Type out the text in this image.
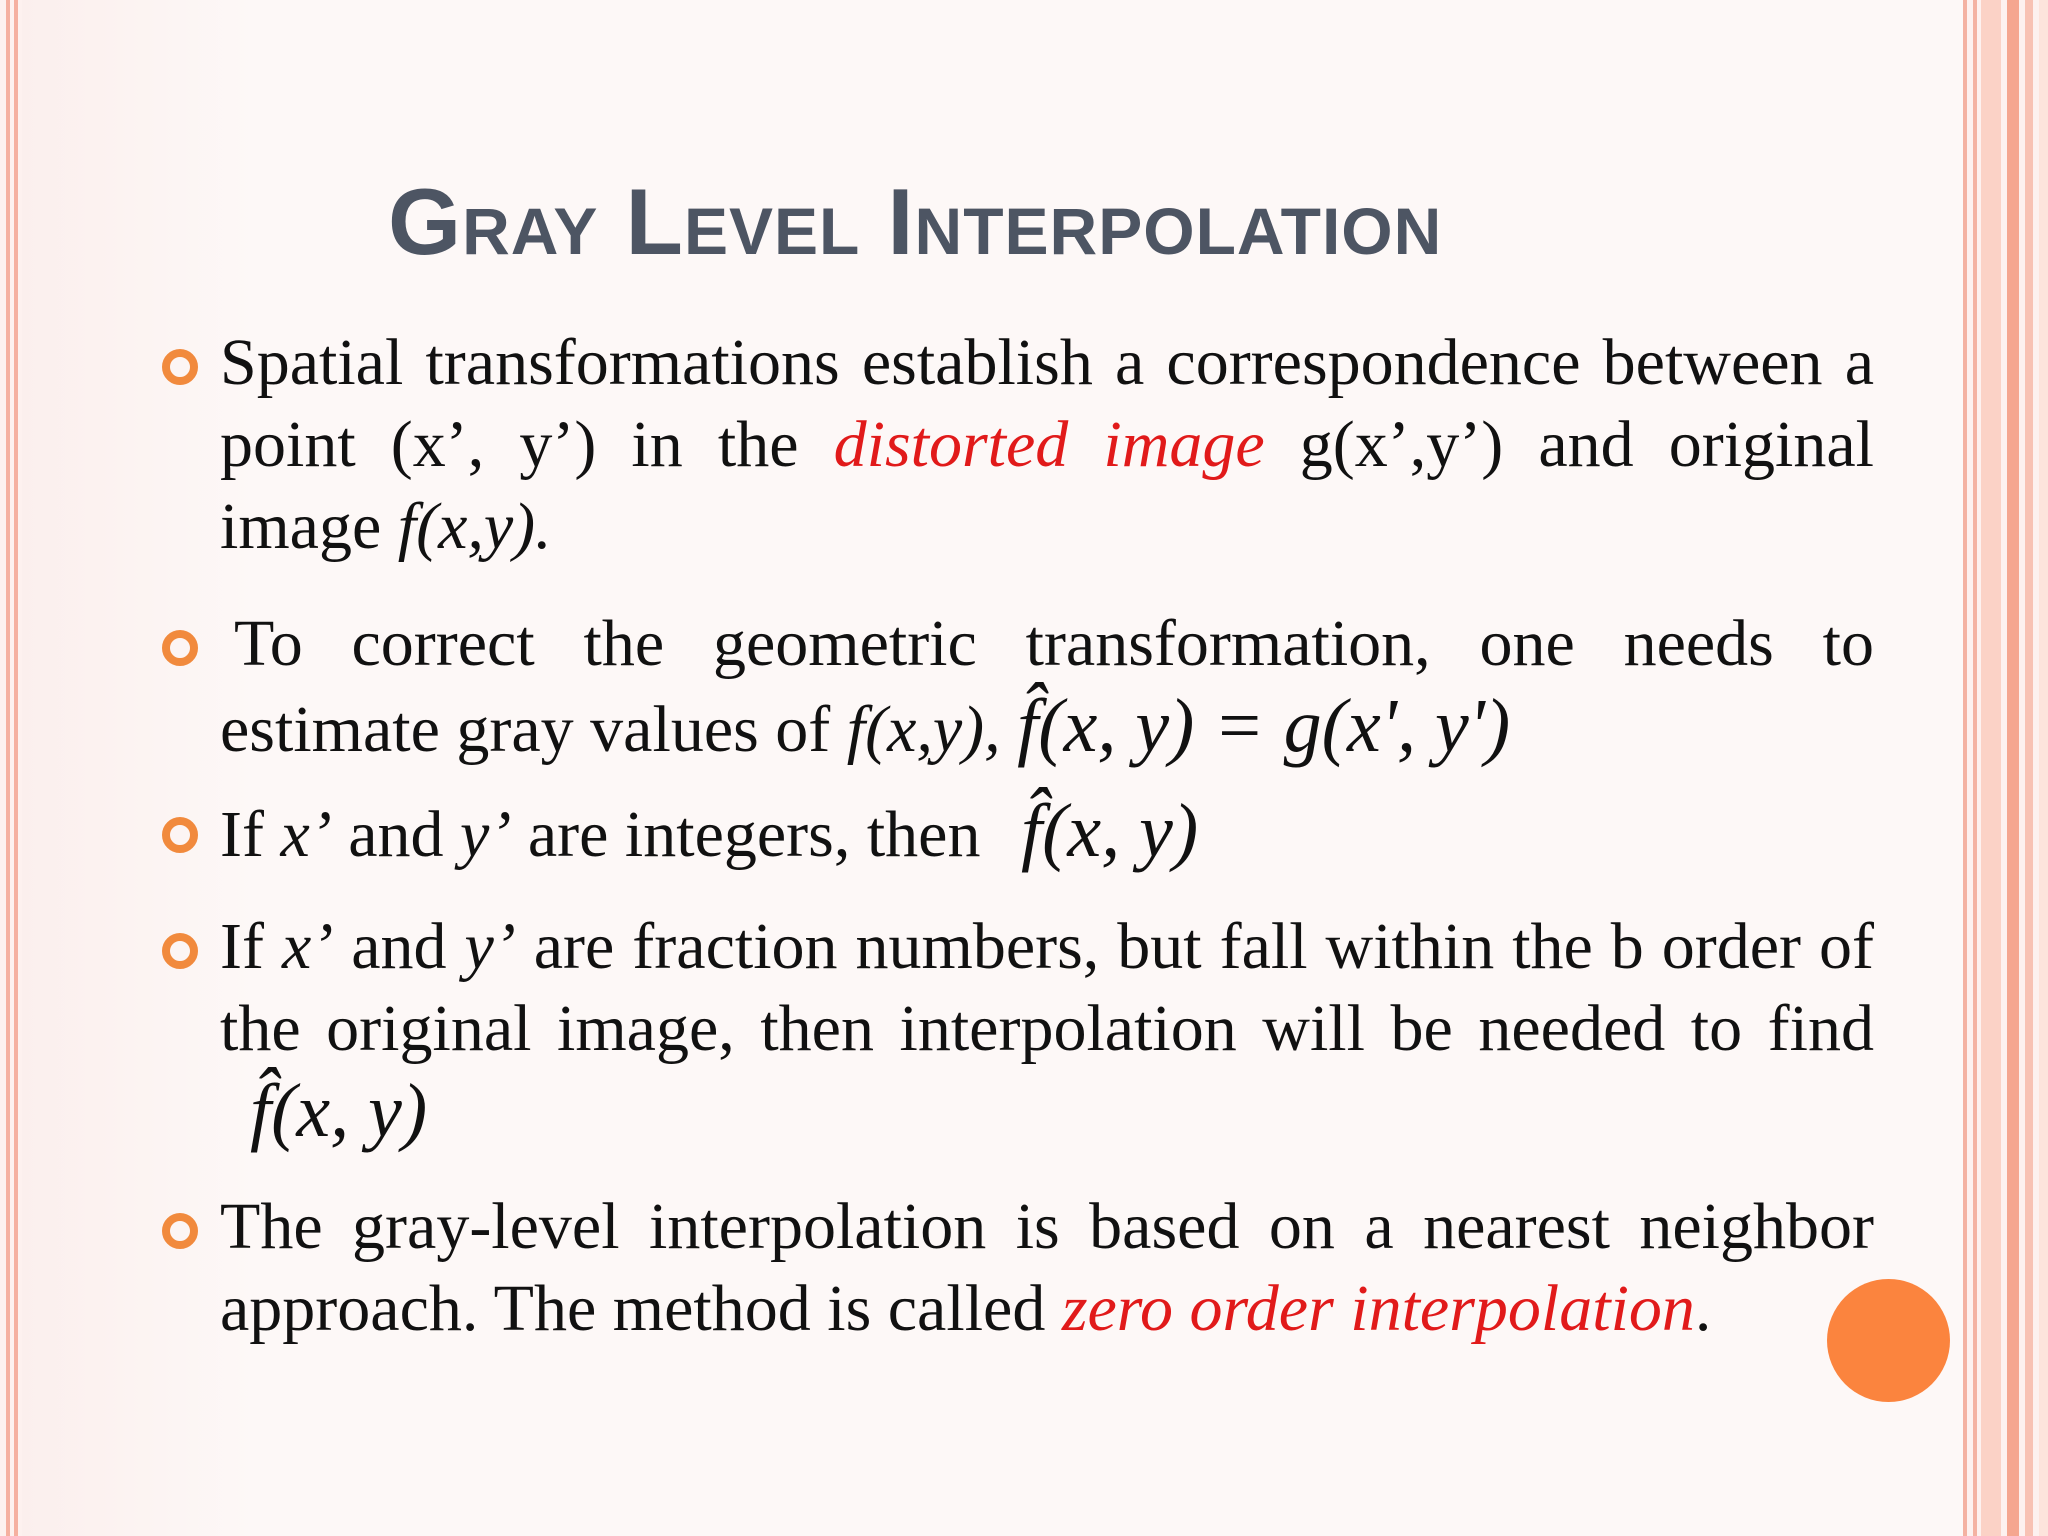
Gray Level Interpolation
Spatial transformations establish a correspondence between a point (x’, y’) in the distorted image g(x’,y’) and original image f(x,y).
To correct the geometric transformation, one needs to estimate gray values of f(x,y), f̂(x, y) = g(x', y')
If x’ and y’ are integers, then f̂(x, y)
If x’ and y’ are fraction numbers, but fall within the b order of the original image, then interpolation will be needed to find f̂(x, y)
The gray-level interpolation is based on a nearest neighbor approach. The method is called zero order interpolation.
